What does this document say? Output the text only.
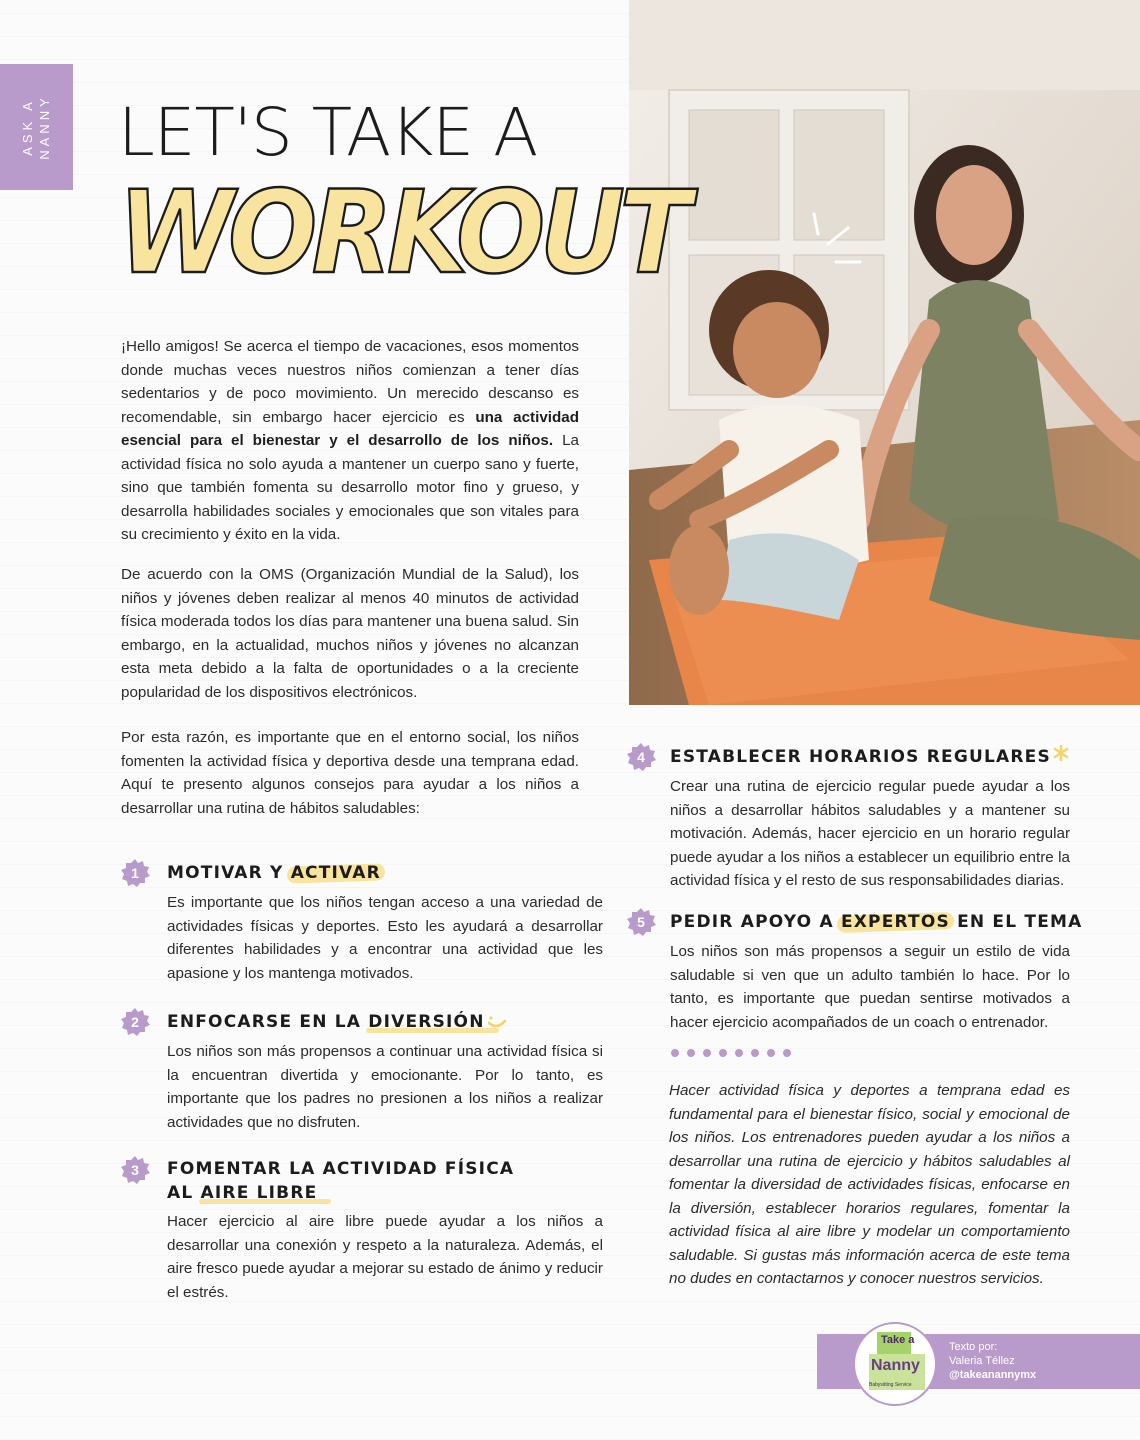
ASK A
NANNY LET'S TAKE A
WORKOUT

¡Hello amigos! Se acerca el tiempo de vacaciones, esos momentos donde muchas veces nuestros niños comienzan a tener días sedentarios y de poco movimiento. Un merecido descanso es recomendable, sin embargo hacer ejercicio es una actividad esencial para el bienestar y el desarrollo de los niños. La actividad física no solo ayuda a mantener un cuerpo sano y fuerte, sino que también fomenta su desarrollo motor fino y grueso, y desarrolla habilidades sociales y emocionales que son vitales para su crecimiento y éxito en la vida.

De acuerdo con la OMS (Organización Mundial de la Salud), los niños y jóvenes deben realizar al menos 40 minutos de actividad física moderada todos los días para mantener una buena salud. Sin embargo, en la actualidad, muchos niños y jóvenes no alcanzan esta meta debido a la falta de oportunidades o a la creciente popularidad de los dispositivos electrónicos.

Por esta razón, es importante que en el entorno social, los niños fomenten la actividad física y deportiva desde una temprana edad. Aquí te presento algunos consejos para ayudar a los niños a desarrollar una rutina de hábitos saludables:

1 MOTIVAR Y ACTIVAR

Es importante que los niños tengan acceso a una variedad de actividades físicas y deportes. Esto les ayudará a desarrollar diferentes habilidades y a encontrar una actividad que les apasione y los mantenga motivados.

2 ENFOCARSE EN LA DIVERSIÓN

Los niños son más propensos a continuar una actividad física si la encuentran divertida y emocionante. Por lo tanto, es importante que los padres no presionen a los niños a realizar actividades que no disfruten.

3 FOMENTAR LA ACTIVIDAD FÍSICA
AL AIRE LIBRE

Hacer ejercicio al aire libre puede ayudar a los niños a desarrollar una conexión y respeto a la naturaleza. Además, el aire fresco puede ayudar a mejorar su estado de ánimo y reducir el estrés.

4 ESTABLECER HORARIOS REGULARES

Crear una rutina de ejercicio regular puede ayudar a los niños a desarrollar hábitos saludables y a mantener su motivación. Además, hacer ejercicio en un horario regular puede ayudar a los niños a establecer un equilibrio entre la actividad física y el resto de sus responsabilidades diarias.

5 PEDIR APOYO A EXPERTOS EN EL TEMA

Los niños son más propensos a seguir un estilo de vida saludable si ven que un adulto también lo hace. Por lo tanto, es importante que puedan sentirse motivados a hacer ejercicio acompañados de un coach o entrenador.

Hacer actividad física y deportes a temprana edad es fundamental para el bienestar físico, social y emocional de los niños. Los entrenadores pueden ayudar a los niños a desarrollar una rutina de ejercicio y hábitos saludables al fomentar la diversidad de actividades físicas, enfocarse en la diversión, establecer horarios regulares, fomentar la actividad física al aire libre y modelar un comportamiento saludable. Si gustas más información acerca de este tema no dudes en contactarnos y conocer nuestros servicios.

Take a
Nanny
Babysitting Service
Texto por:
Valeria Téllez
@takeanannymx
